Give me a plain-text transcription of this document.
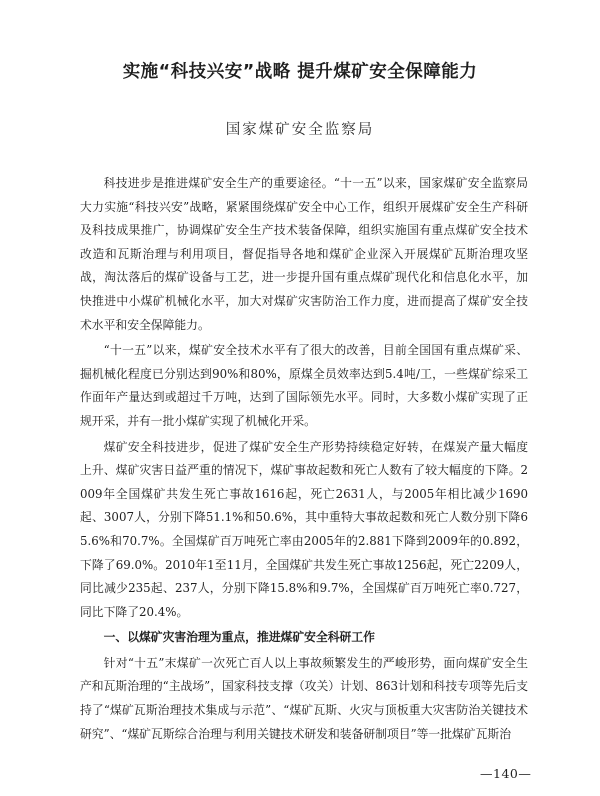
实施“科技兴安”战略 提升煤矿安全保障能力
国家煤矿安全监察局

科技进步是推进煤矿安全生产的重要途径。“十一五”以来，国家煤矿安全监察局大力实施“科技兴安”战略，紧紧围绕煤矿安全中心工作，组织开展煤矿安全生产科研及科技成果推广，协调煤矿安全生产技术装备保障，组织实施国有重点煤矿安全技术改造和瓦斯治理与利用项目，督促指导各地和煤矿企业深入开展煤矿瓦斯治理攻坚战，淘汰落后的煤矿设备与工艺，进一步提升国有重点煤矿现代化和信息化水平，加快推进中小煤矿机械化水平，加大对煤矿灾害防治工作力度，进而提高了煤矿安全技术水平和安全保障能力。

“十一五”以来，煤矿安全技术水平有了很大的改善，目前全国国有重点煤矿采、掘机械化程度已分别达到90%和80%，原煤全员效率达到5.4吨/工，一些煤矿综采工作面年产量达到或超过千万吨，达到了国际领先水平。同时，大多数小煤矿实现了正规开采，并有一批小煤矿实现了机械化开采。

煤矿安全科技进步，促进了煤矿安全生产形势持续稳定好转，在煤炭产量大幅度上升、煤矿灾害日益严重的情况下，煤矿事故起数和死亡人数有了较大幅度的下降。2009年全国煤矿共发生死亡事故1616起，死亡2631人，与2005年相比减少1690起、3007人，分别下降51.1%和50.6%，其中重特大事故起数和死亡人数分别下降65.6%和70.7%。全国煤矿百万吨死亡率由2005年的2.881下降到2009年的0.892，下降了69.0%。2010年1至11月，全国煤矿共发生死亡事故1256起，死亡2209人，同比减少235起、237人，分别下降15.8%和9.7%，全国煤矿百万吨死亡率0.727，同比下降了20.4%。

一、以煤矿灾害治理为重点，推进煤矿安全科研工作

针对“十五”末煤矿一次死亡百人以上事故频繁发生的严峻形势，面向煤矿安全生产和瓦斯治理的“主战场”，国家科技支撑（攻关）计划、863计划和科技专项等先后支持了“煤矿瓦斯治理技术集成与示范”、“煤矿瓦斯、火灾与顶板重大灾害防治关键技术研究”、“煤矿瓦斯综合治理与利用关键技术研发和装备研制项目”等一批煤矿瓦斯治

—140—
